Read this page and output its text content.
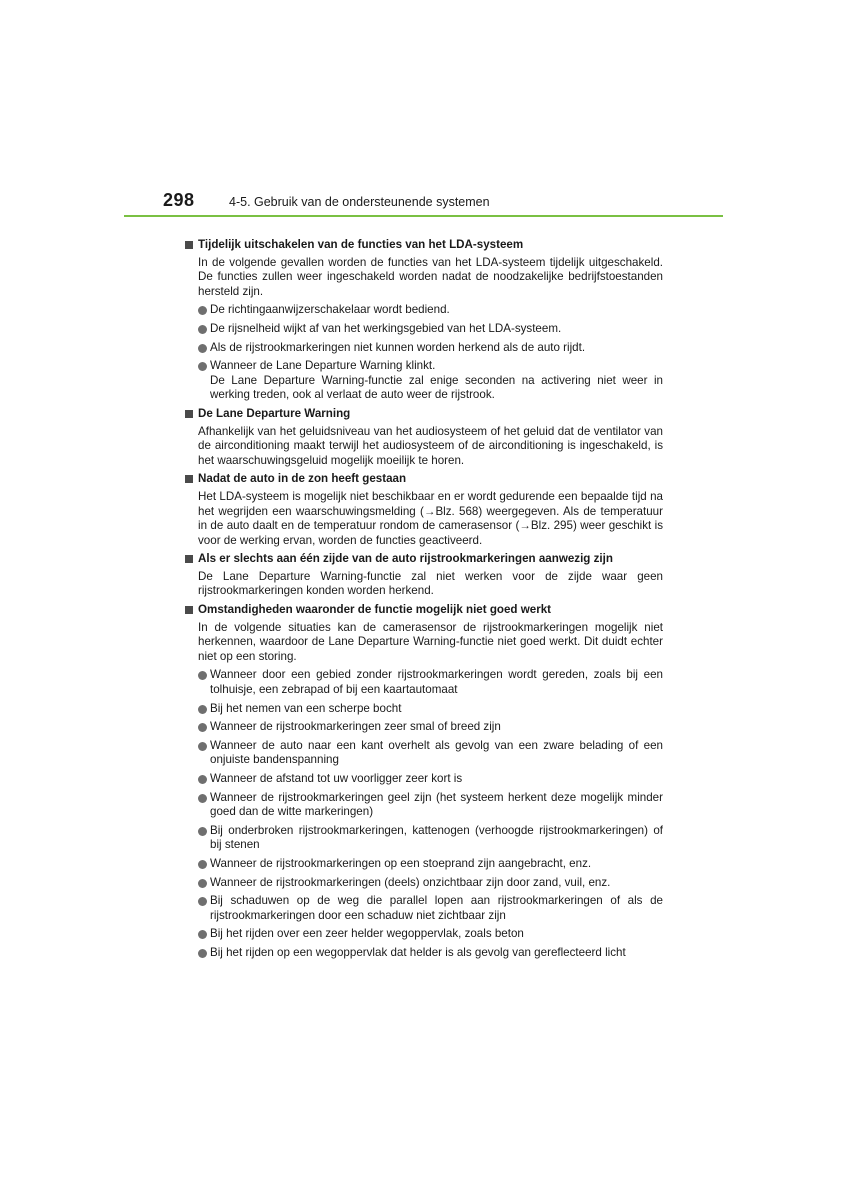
298	4-5. Gebruik van de ondersteunende systemen
Tijdelijk uitschakelen van de functies van het LDA-systeem
In de volgende gevallen worden de functies van het LDA-systeem tijdelijk uitgeschakeld. De functies zullen weer ingeschakeld worden nadat de noodzakelijke bedrijfstoestanden hersteld zijn.
De richtingaanwijzerschakelaar wordt bediend.
De rijsnelheid wijkt af van het werkingsgebied van het LDA-systeem.
Als de rijstrookmarkeringen niet kunnen worden herkend als de auto rijdt.
Wanneer de Lane Departure Warning klinkt.
De Lane Departure Warning-functie zal enige seconden na activering niet weer in werking treden, ook al verlaat de auto weer de rijstrook.
De Lane Departure Warning
Afhankelijk van het geluidsniveau van het audiosysteem of het geluid dat de ventilator van de airconditioning maakt terwijl het audiosysteem of de airconditioning is ingeschakeld, is het waarschuwingsgeluid mogelijk moeilijk te horen.
Nadat de auto in de zon heeft gestaan
Het LDA-systeem is mogelijk niet beschikbaar en er wordt gedurende een bepaalde tijd na het wegrijden een waarschuwingsmelding (→Blz. 568) weergegeven. Als de temperatuur in de auto daalt en de temperatuur rondom de camerasensor (→Blz. 295) weer geschikt is voor de werking ervan, worden de functies geactiveerd.
Als er slechts aan één zijde van de auto rijstrookmarkeringen aanwezig zijn
De Lane Departure Warning-functie zal niet werken voor de zijde waar geen rijstrookmarkeringen konden worden herkend.
Omstandigheden waaronder de functie mogelijk niet goed werkt
In de volgende situaties kan de camerasensor de rijstrookmarkeringen mogelijk niet herkennen, waardoor de Lane Departure Warning-functie niet goed werkt. Dit duidt echter niet op een storing.
Wanneer door een gebied zonder rijstrookmarkeringen wordt gereden, zoals bij een tolhuisje, een zebrapad of bij een kaartautomaat
Bij het nemen van een scherpe bocht
Wanneer de rijstrookmarkeringen zeer smal of breed zijn
Wanneer de auto naar een kant overhelt als gevolg van een zware belading of een onjuiste bandenspanning
Wanneer de afstand tot uw voorligger zeer kort is
Wanneer de rijstrookmarkeringen geel zijn (het systeem herkent deze mogelijk minder goed dan de witte markeringen)
Bij onderbroken rijstrookmarkeringen, kattenogen (verhoogde rijstrookmarkeringen) of bij stenen
Wanneer de rijstrookmarkeringen op een stoeprand zijn aangebracht, enz.
Wanneer de rijstrookmarkeringen (deels) onzichtbaar zijn door zand, vuil, enz.
Bij schaduwen op de weg die parallel lopen aan rijstrookmarkeringen of als de rijstrookmarkeringen door een schaduw niet zichtbaar zijn
Bij het rijden over een zeer helder wegoppervlak, zoals beton
Bij het rijden op een wegoppervlak dat helder is als gevolg van gereflecteerd licht
